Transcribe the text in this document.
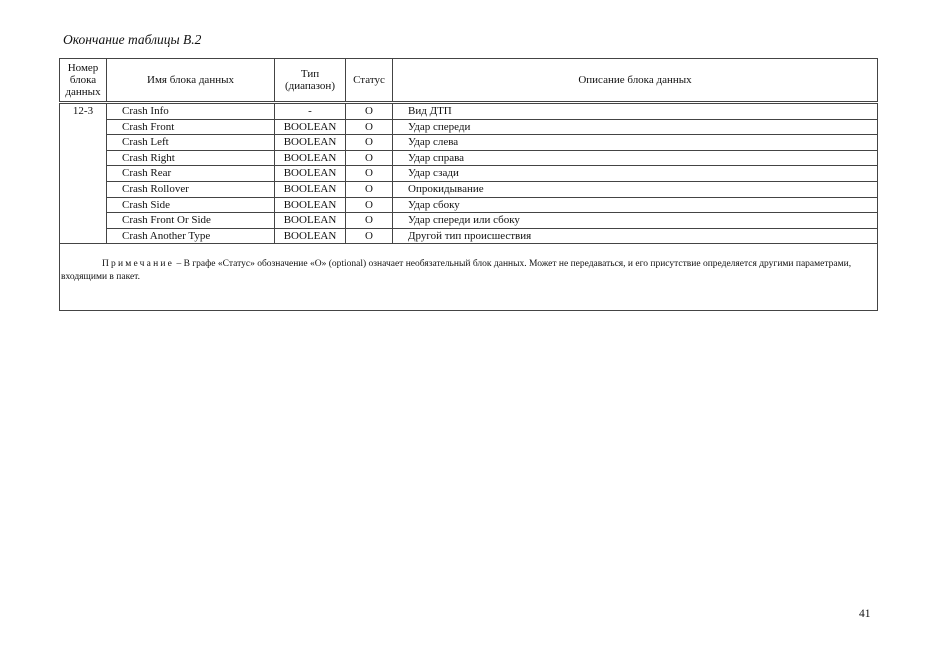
Окончание таблицы В.2
Номер блока данных	Имя блока данных	Тип (диапазон)	Статус	Описание блока данных
12-3	Crash Info	-	O	Вид ДТП
	Crash Front	BOOLEAN	O	Удар спереди
	Crash Left	BOOLEAN	O	Удар слева
	Crash Right	BOOLEAN	O	Удар справа
	Crash Rear	BOOLEAN	O	Удар сзади
	Crash Rollover	BOOLEAN	O	Опрокидывание
	Crash Side	BOOLEAN	O	Удар сбоку
	Crash Front Or Side	BOOLEAN	O	Удар спереди или сбоку
	Crash Another Type	BOOLEAN	O	Другой тип происшествия
Примечание – В графе «Статус» обозначение «O» (optional) означает необязательный блок данных. Может не передаваться, и его присутствие определяется другими параметрами, входящими в пакет.				
41
